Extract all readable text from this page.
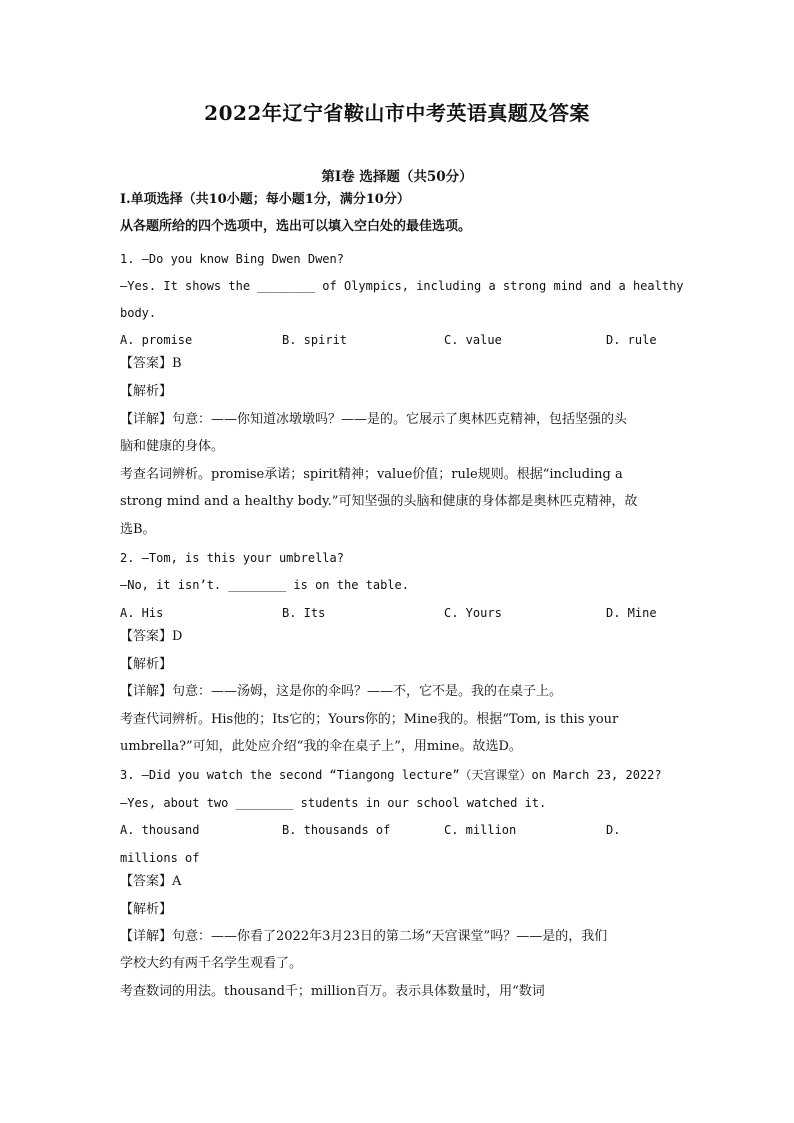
2022年辽宁省鞍山市中考英语真题及答案
第I卷 选择题（共50分）
I.单项选择（共10小题；每小题1分，满分10分）
从各题所给的四个选项中，选出可以填入空白处的最佳选项。
1. —Do you know Bing Dwen Dwen?
—Yes. It shows the ________ of Olympics, including a strong mind and a healthy
body.
A. promise	B. spirit	C. value	D. rule
【答案】B
【解析】
【详解】句意：——你知道冰墩墩吗？——是的。它展示了奥林匹克精神，包括坚强的头
脑和健康的身体。
考查名词辨析。promise承诺；spirit精神；value价值；rule规则。根据“including a
strong mind and a healthy body.”可知坚强的头脑和健康的身体都是奥林匹克精神，故
选B。
2. —Tom, is this your umbrella?
—No, it isn’t. ________ is on the table.
A. His	B. Its	C. Yours	D. Mine
【答案】D
【解析】
【详解】句意：——汤姆，这是你的伞吗？——不，它不是。我的在桌子上。
考查代词辨析。His他的；Its它的；Yours你的；Mine我的。根据“Tom, is this your
umbrella?”可知，此处应介绍“我的伞在桌子上”，用mine。故选D。
3. —Did you watch the second “Tiangong lecture”（天宫课堂）on March 23, 2022?
—Yes, about two ________ students in our school watched it.
A. thousand	B. thousands of	C. million	D.
millions of
【答案】A
【解析】
【详解】句意：——你看了2022年3月23日的第二场“天宫课堂”吗？——是的，我们
学校大约有两千名学生观看了。
考查数词的用法。thousand千；million百万。表示具体数量时，用“数词
